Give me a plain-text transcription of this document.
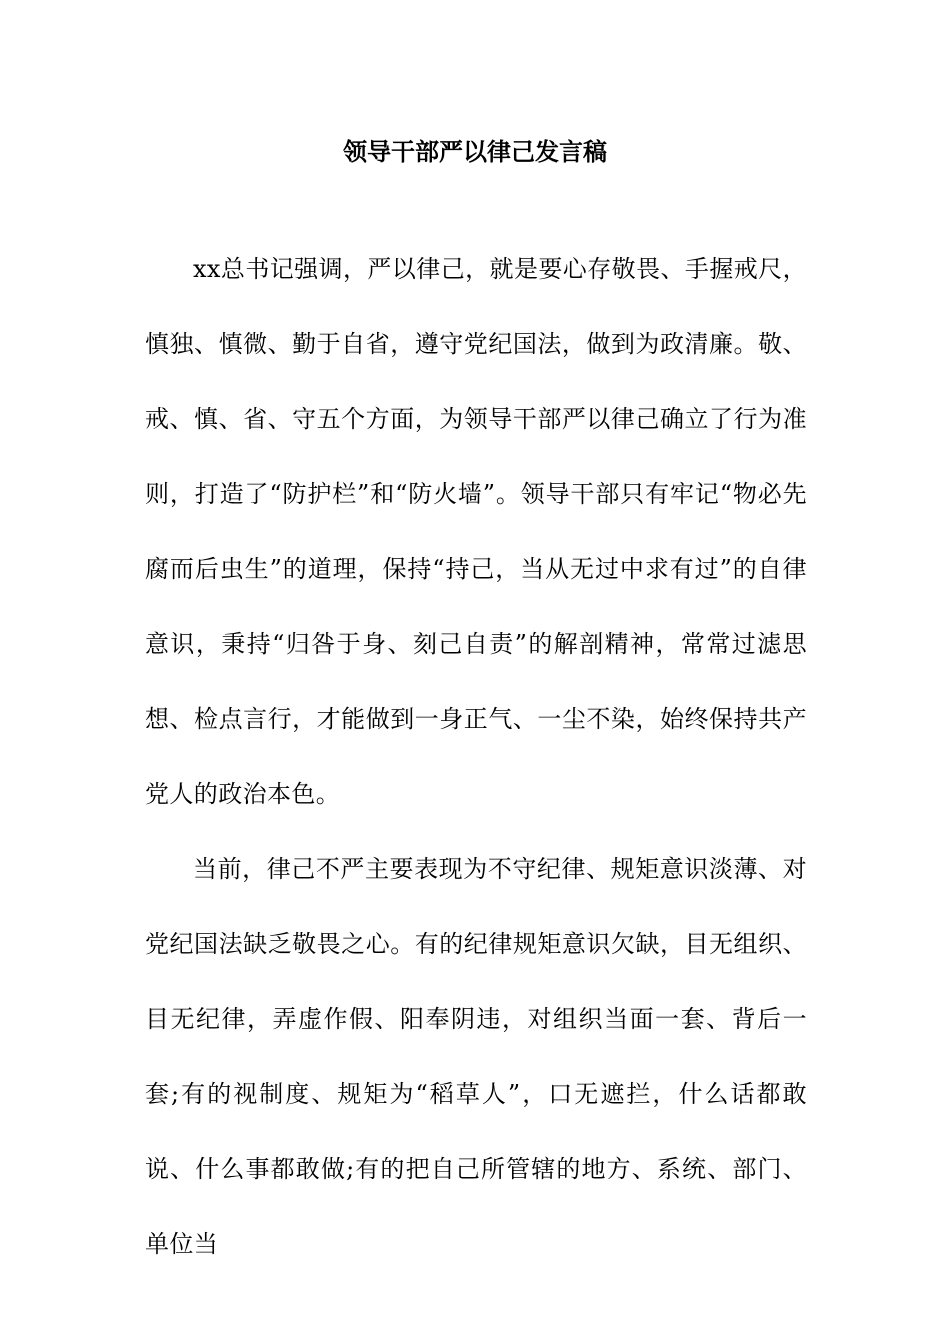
领导干部严以律己发言稿

xx总书记强调，严以律己，就是要心存敬畏、手握戒尺，慎独、慎微、勤于自省，遵守党纪国法，做到为政清廉。敬、戒、慎、省、守五个方面，为领导干部严以律己确立了行为准则，打造了“防护栏”和“防火墙”。领导干部只有牢记“物必先腐而后虫生”的道理，保持“持己，当从无过中求有过”的自律意识，秉持“归咎于身、刻己自责”的解剖精神，常常过滤思想、检点言行，才能做到一身正气、一尘不染，始终保持共产党人的政治本色。

当前，律己不严主要表现为不守纪律、规矩意识淡薄、对党纪国法缺乏敬畏之心。有的纪律规矩意识欠缺，目无组织、目无纪律，弄虚作假、阳奉阴违，对组织当面一套、背后一套;有的视制度、规矩为“稻草人”，口无遮拦，什么话都敢说、什么事都敢做;有的把自己所管辖的地方、系统、部门、单位当
